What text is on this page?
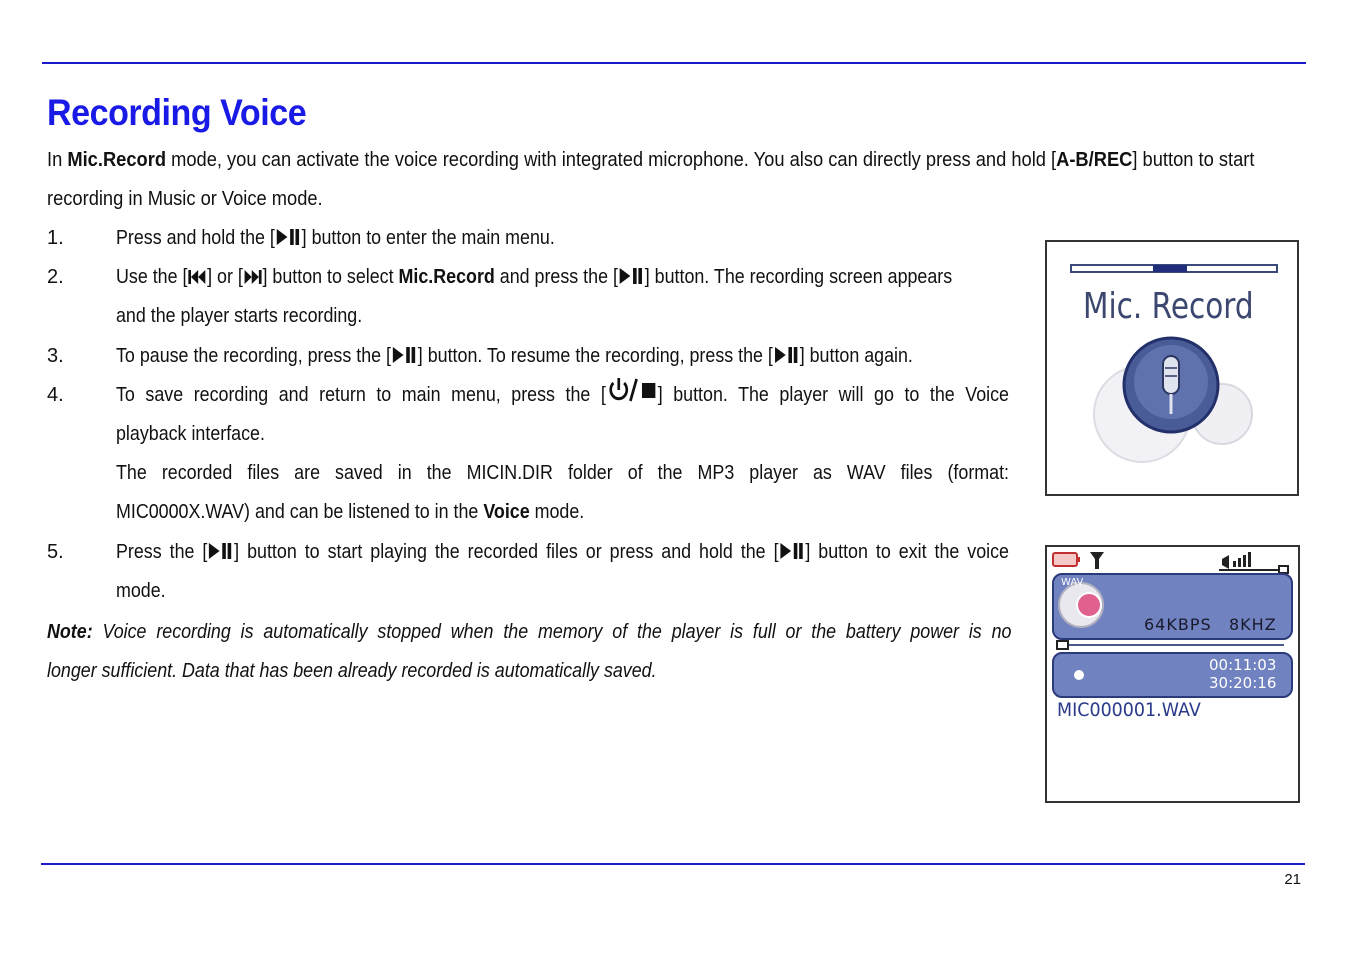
Recording Voice
In Mic.Record mode, you can activate the voice recording with integrated microphone. You also can directly press and hold [A-B/REC] button to start
recording in Music or Voice mode.
1.	Press and hold the [ ] button to enter the main menu.
2.	Use the [ ] or [ ] button to select Mic.Record and press the [ ] button. The recording screen appears
and the player starts recording.
3.	To pause the recording, press the [ ] button. To resume the recording, press the [ ] button again.
4.	To save recording and return to main menu, press the [	] button. The player will go to the Voice
playback interface.
The recorded files are saved in the MICIN.DIR folder of the MP3 player as WAV files (format:
MIC0000X.WAV) and can be listened to in the Voice mode.
5.	Press the [ ] button to start playing the recorded files or press and hold the [ ] button to exit the voice
mode.
Note: Voice recording is automatically stopped when the memory of the player is full or the battery power is no
longer sufficient. Data that has been already recorded is automatically saved.
Mic. Record
WAV
64KBPS 8KHZ
00:11:03
30:20:16
MIC000001.WAV
21
